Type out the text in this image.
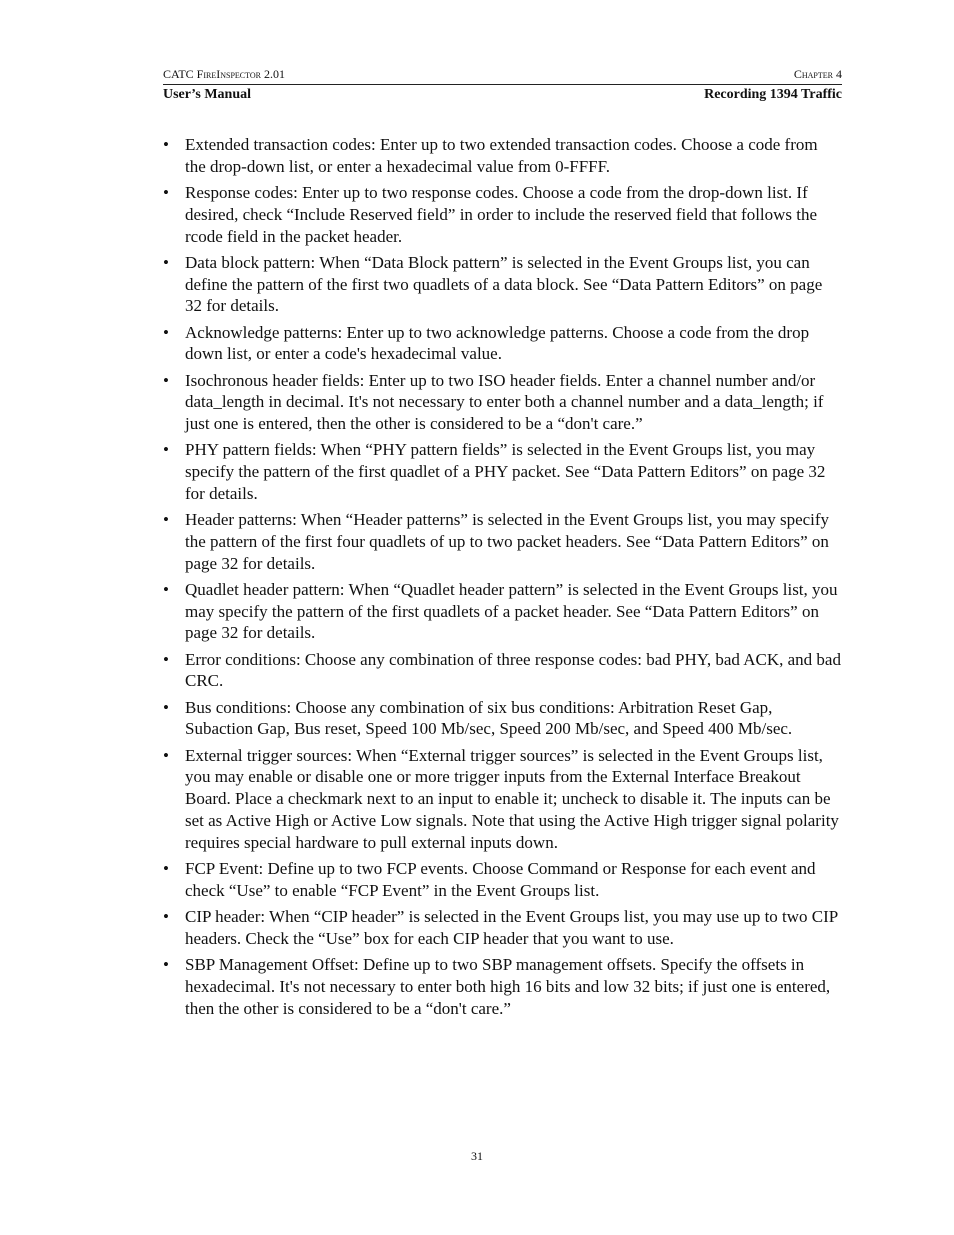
CATC FireInspector 2.01	Chapter 4
User’s Manual	Recording 1394 Traffic
• Extended transaction codes: Enter up to two extended transaction codes. Choose a code from the drop-down list, or enter a hexadecimal value from 0-FFFF.
• Response codes: Enter up to two response codes. Choose a code from the drop-down list. If desired, check “Include Reserved field” in order to include the reserved field that follows the rcode field in the packet header.
• Data block pattern: When “Data Block pattern” is selected in the Event Groups list, you can define the pattern of the first two quadlets of a data block. See “Data Pattern Editors” on page 32 for details.
• Acknowledge patterns: Enter up to two acknowledge patterns. Choose a code from the drop down list, or enter a code's hexadecimal value.
• Isochronous header fields: Enter up to two ISO header fields. Enter a channel number and/or data_length in decimal. It's not necessary to enter both a channel number and a data_length; if just one is entered, then the other is considered to be a “don't care.”
• PHY pattern fields: When “PHY pattern fields” is selected in the Event Groups list, you may specify the pattern of the first quadlet of a PHY packet. See “Data Pattern Editors” on page 32 for details.
• Header patterns: When “Header patterns” is selected in the Event Groups list, you may specify the pattern of the first four quadlets of up to two packet headers. See “Data Pattern Editors” on page 32 for details.
• Quadlet header pattern: When “Quadlet header pattern” is selected in the Event Groups list, you may specify the pattern of the first quadlets of a packet header. See “Data Pattern Editors” on page 32 for details.
• Error conditions: Choose any combination of three response codes: bad PHY, bad ACK, and bad CRC.
• Bus conditions: Choose any combination of six bus conditions: Arbitration Reset Gap, Subaction Gap, Bus reset, Speed 100 Mb/sec, Speed 200 Mb/sec, and Speed 400 Mb/sec.
• External trigger sources: When “External trigger sources” is selected in the Event Groups list, you may enable or disable one or more trigger inputs from the External Interface Breakout Board. Place a checkmark next to an input to enable it; uncheck to disable it. The inputs can be set as Active High or Active Low signals. Note that using the Active High trigger signal polarity requires special hardware to pull external inputs down.
• FCP Event: Define up to two FCP events. Choose Command or Response for each event and check “Use” to enable “FCP Event” in the Event Groups list.
• CIP header: When “CIP header” is selected in the Event Groups list, you may use up to two CIP headers. Check the “Use” box for each CIP header that you want to use.
• SBP Management Offset: Define up to two SBP management offsets. Specify the offsets in hexadecimal. It's not necessary to enter both high 16 bits and low 32 bits; if just one is entered, then the other is considered to be a “don't care.”
31
